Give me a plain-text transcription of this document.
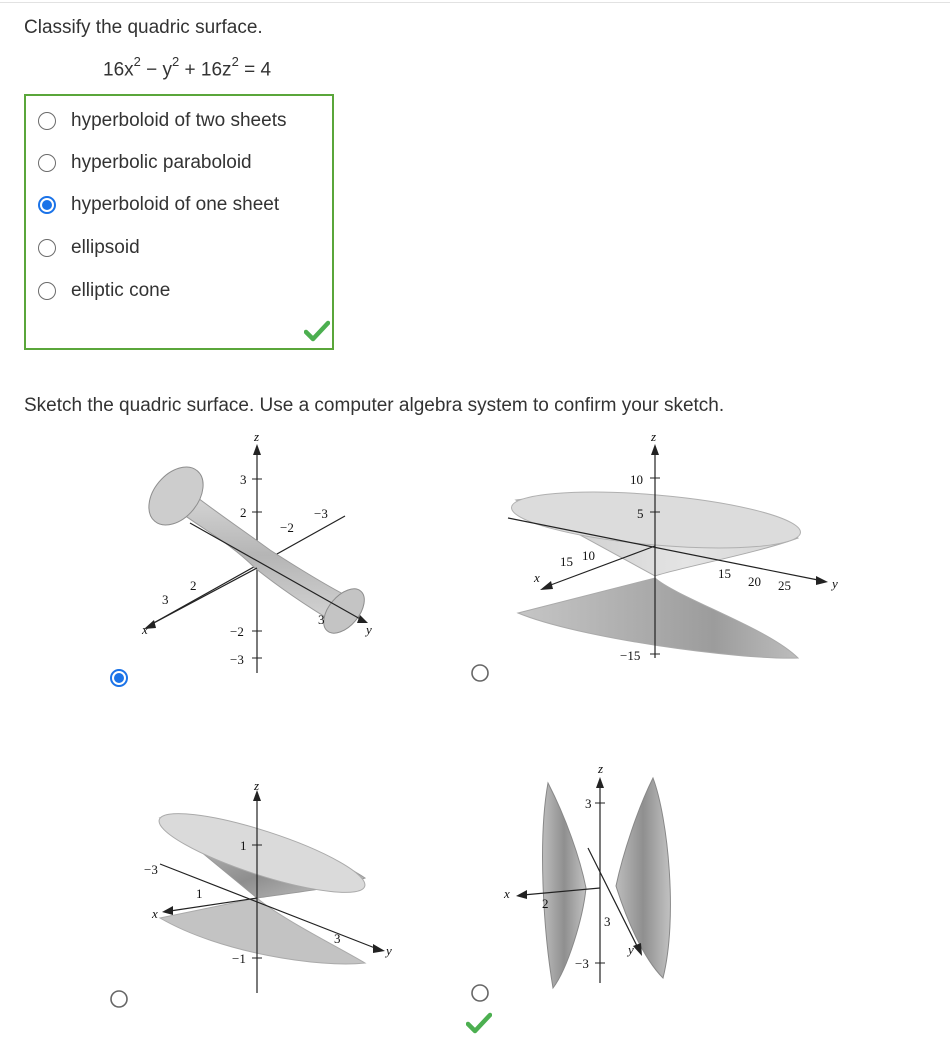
Classify the quadric surface.
$16x^2 - y^2 + 16z^2 = 4$
hyperboloid of two sheets
hyperbolic paraboloid
hyperboloid of one sheet
ellipsoid
elliptic cone
Sketch the quadric surface. Use a computer algebra system to confirm your sketch.
3
2
−2
−3
2
3
−2
−3
3
z
x	y
10
5
−15
15 10
15
20 25
z
x	y
1
−1
−3
1
3
z
x
y
3
−3
2
3
z
x
y
